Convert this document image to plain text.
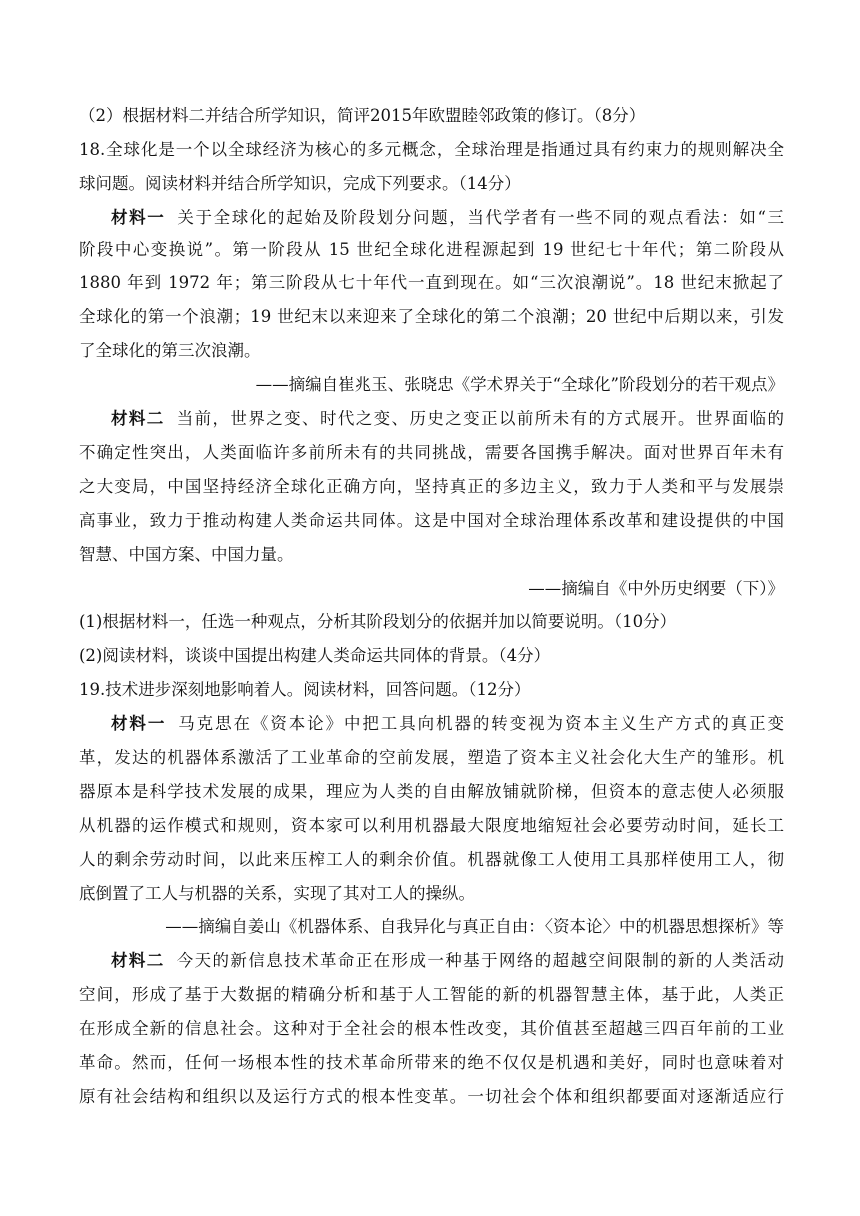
（2）根据材料二并结合所学知识，简评2015年欧盟睦邻政策的修订。（8分）
18.全球化是一个以全球经济为核心的多元概念，全球治理是指通过具有约束力的规则解决全
球问题。阅读材料并结合所学知识，完成下列要求。（14分）
材料一 关于全球化的起始及阶段划分问题，当代学者有一些不同的观点看法：如“三
阶段中心变换说”。第一阶段从 15 世纪全球化进程源起到 19 世纪七十年代；第二阶段从
1880 年到 1972 年；第三阶段从七十年代一直到现在。如“三次浪潮说”。18 世纪末掀起了
全球化的第一个浪潮；19 世纪末以来迎来了全球化的第二个浪潮；20 世纪中后期以来，引发
了全球化的第三次浪潮。
——摘编自崔兆玉、张晓忠《学术界关于“全球化”阶段划分的若干观点》
材料二 当前，世界之变、时代之变、历史之变正以前所未有的方式展开。世界面临的
不确定性突出，人类面临许多前所未有的共同挑战，需要各国携手解决。面对世界百年未有
之大变局，中国坚持经济全球化正确方向，坚持真正的多边主义，致力于人类和平与发展崇
高事业，致力于推动构建人类命运共同体。这是中国对全球治理体系改革和建设提供的中国
智慧、中国方案、中国力量。
——摘编自《中外历史纲要（下）》
(1)根据材料一，任选一种观点，分析其阶段划分的依据并加以简要说明。（10分）
(2)阅读材料，谈谈中国提出构建人类命运共同体的背景。（4分）
19.技术进步深刻地影响着人。阅读材料，回答问题。（12分）
材料一 马克思在《资本论》中把工具向机器的转变视为资本主义生产方式的真正变
革，发达的机器体系激活了工业革命的空前发展，塑造了资本主义社会化大生产的雏形。机
器原本是科学技术发展的成果，理应为人类的自由解放铺就阶梯，但资本的意志使人必须服
从机器的运作模式和规则，资本家可以利用机器最大限度地缩短社会必要劳动时间，延长工
人的剩余劳动时间，以此来压榨工人的剩余价值。机器就像工人使用工具那样使用工人，彻
底倒置了工人与机器的关系，实现了其对工人的操纵。
——摘编自姜山《机器体系、自我异化与真正自由：〈资本论〉中的机器思想探析》等
材料二 今天的新信息技术革命正在形成一种基于网络的超越空间限制的新的人类活动
空间，形成了基于大数据的精确分析和基于人工智能的新的机器智慧主体，基于此，人类正
在形成全新的信息社会。这种对于全社会的根本性改变，其价值甚至超越三四百年前的工业
革命。然而，任何一场根本性的技术革命所带来的绝不仅仅是机遇和美好，同时也意味着对
原有社会结构和组织以及运行方式的根本性变革。一切社会个体和组织都要面对逐渐适应行
